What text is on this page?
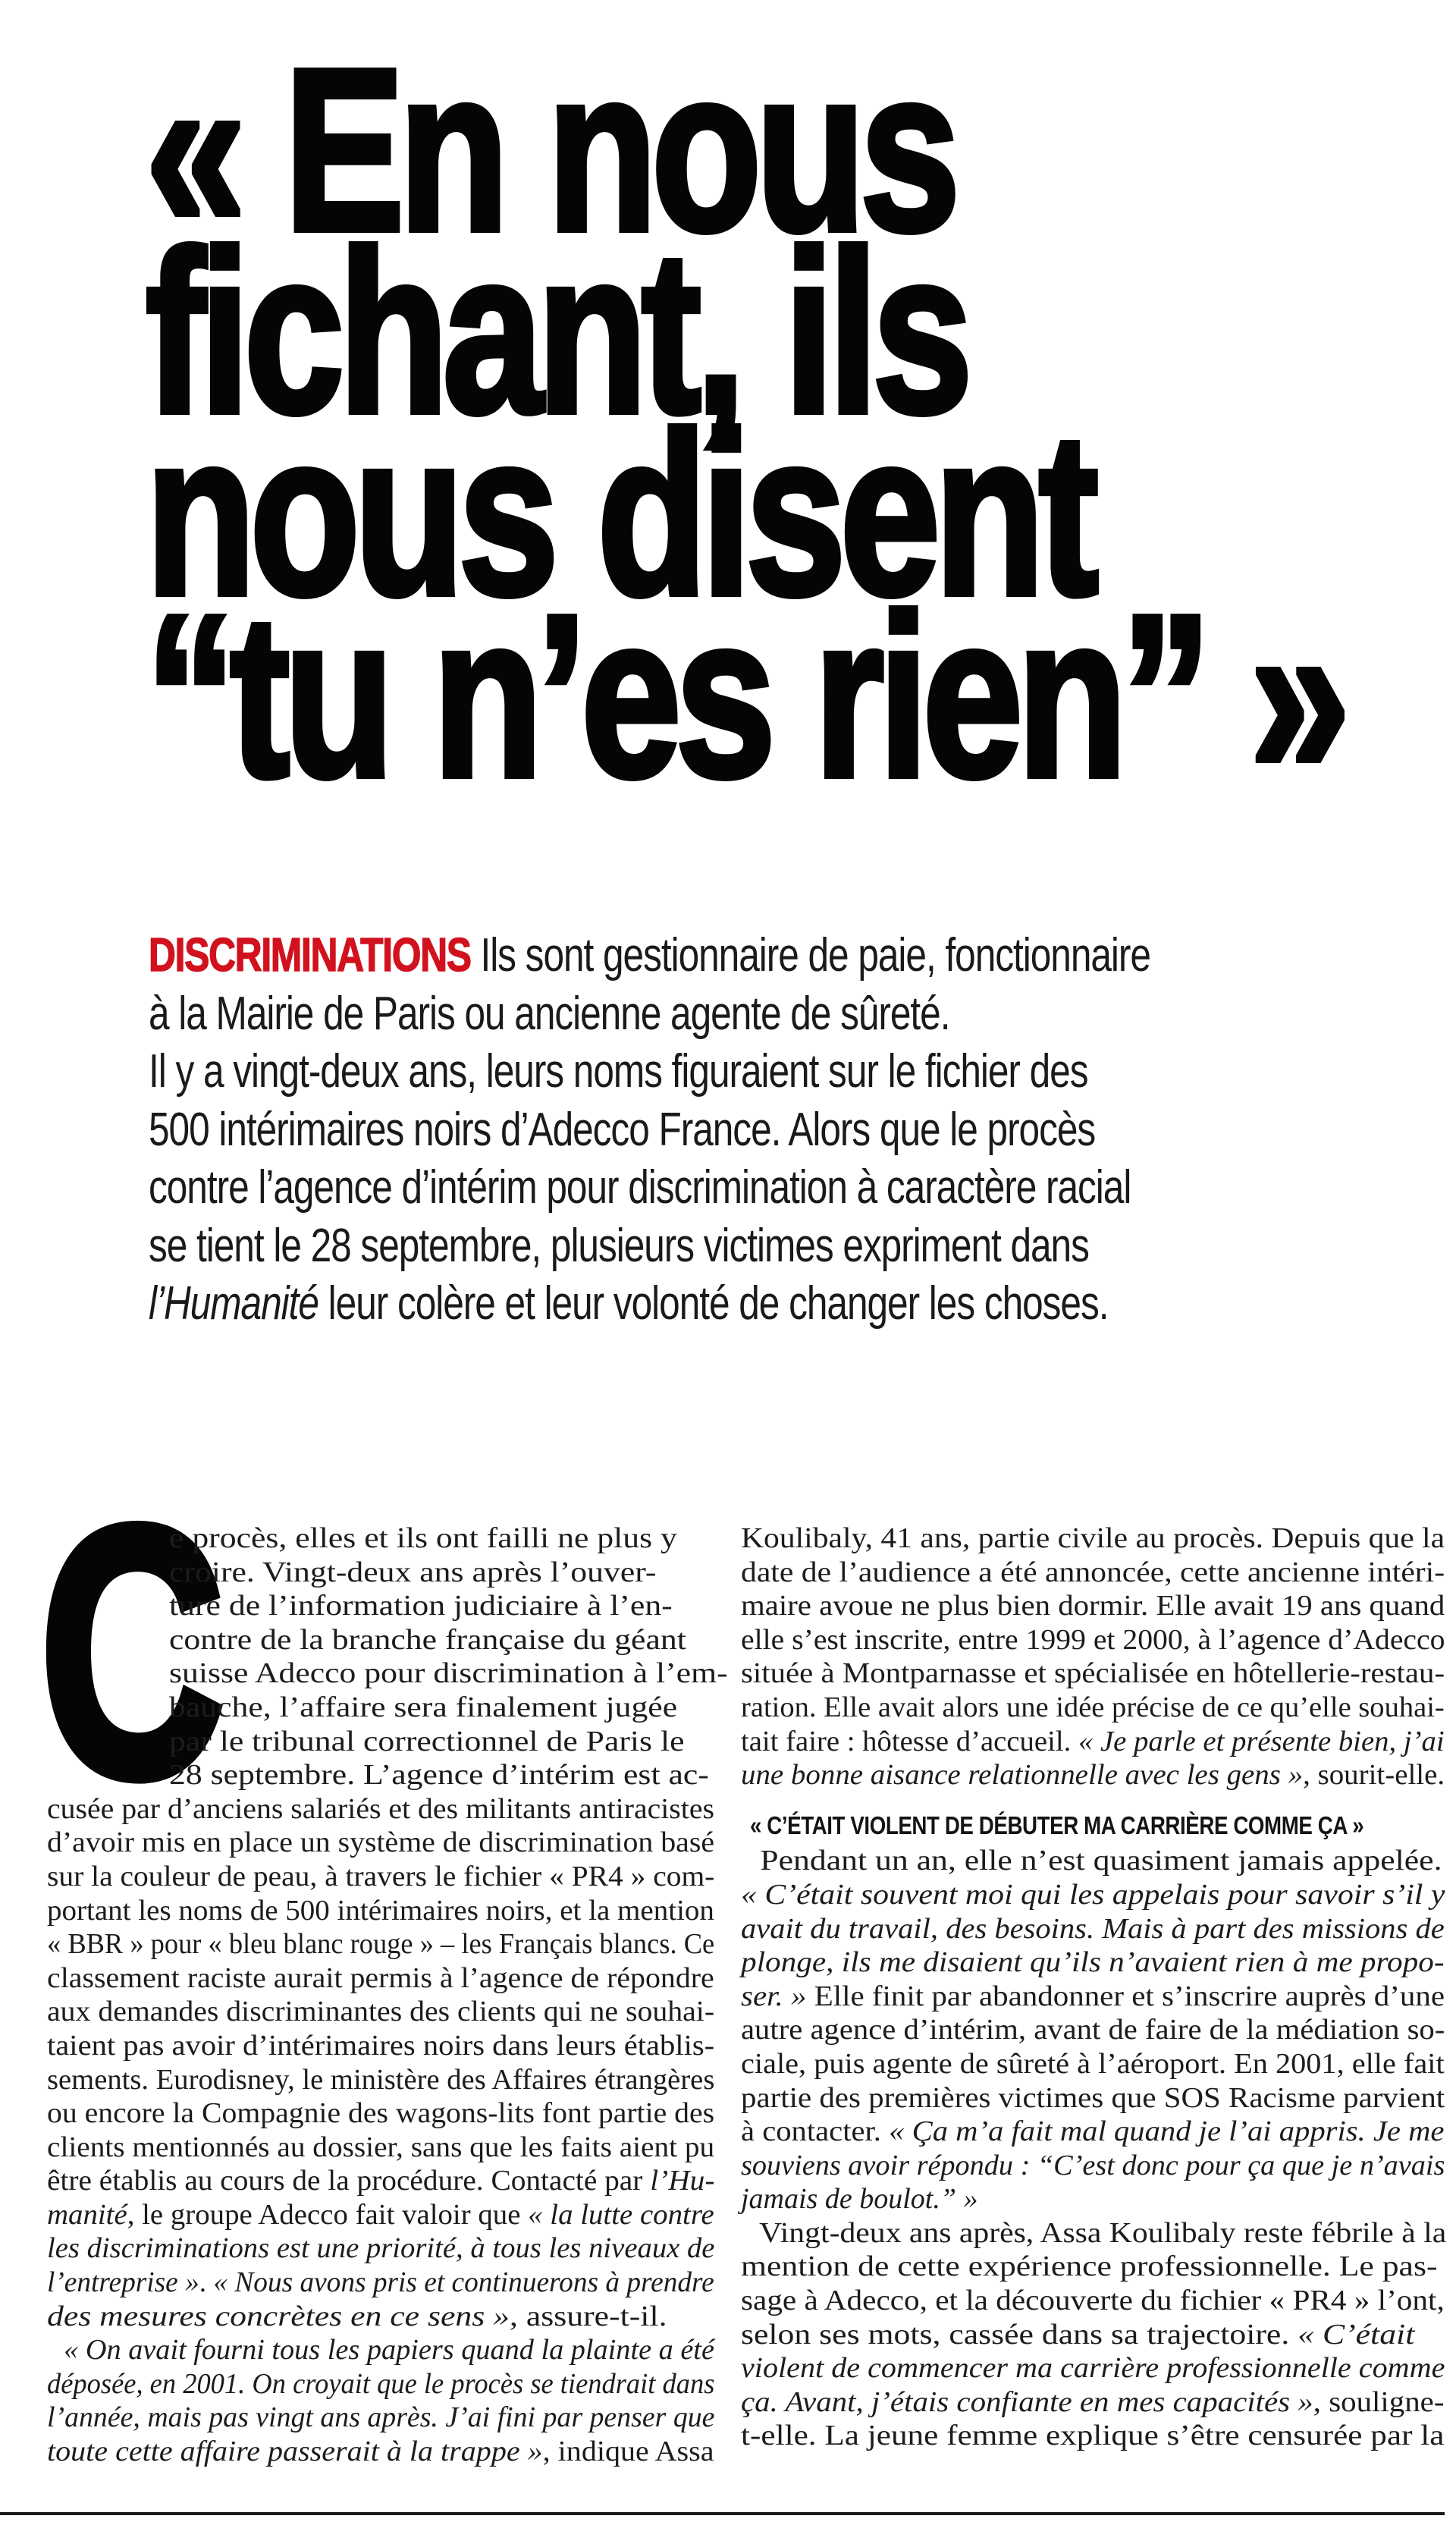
« En nous
fichant, ils
nous disent
“tu n’es rien” »
DISCRIMINATIONS Ils sont gestionnaire de paie, fonctionnaire
à la Mairie de Paris ou ancienne agente de sûreté.
Il y a vingt-deux ans, leurs noms figuraient sur le fichier des
500 intérimaires noirs d’Adecco France. Alors que le procès
contre l’agence d’intérim pour discrimination à caractère racial
se tient le 28 septembre, plusieurs victimes expriment dans
l’Humanité leur colère et leur volonté de changer les choses.
C
e procès, elles et ils ont failli ne plus y
croire. Vingt-deux ans après l’ouver-
ture de l’information judiciaire à l’en-
contre de la branche française du géant
suisse Adecco pour discrimination à l’em-
bauche, l’affaire sera finalement jugée
par le tribunal correctionnel de Paris le
28 septembre. L’agence d’intérim est ac-
cusée par d’anciens salariés et des militants antiracistes
d’avoir mis en place un système de discrimination basé
sur la couleur de peau, à travers le fichier « PR4 » com-
portant les noms de 500 intérimaires noirs, et la mention
« BBR » pour « bleu blanc rouge » – les Français blancs. Ce
classement raciste aurait permis à l’agence de répondre
aux demandes discriminantes des clients qui ne souhai-
taient pas avoir d’intérimaires noirs dans leurs établis-
sements. Eurodisney, le ministère des Affaires étrangères
ou encore la Compagnie des wagons-lits font partie des
clients mentionnés au dossier, sans que les faits aient pu
être établis au cours de la procédure. Contacté par l’Hu-
manité, le groupe Adecco fait valoir que « la lutte contre
les discriminations est une priorité, à tous les niveaux de
l’entreprise ». « Nous avons pris et continuerons à prendre
des mesures concrètes en ce sens », assure-t-il.
« On avait fourni tous les papiers quand la plainte a été
déposée, en 2001. On croyait que le procès se tiendrait dans
l’année, mais pas vingt ans après. J’ai fini par penser que
toute cette affaire passerait à la trappe », indique Assa
Koulibaly, 41 ans, partie civile au procès. Depuis que la
date de l’audience a été annoncée, cette ancienne intéri-
maire avoue ne plus bien dormir. Elle avait 19 ans quand
elle s’est inscrite, entre 1999 et 2000, à l’agence d’Adecco
située à Montparnasse et spécialisée en hôtellerie-restau-
ration. Elle avait alors une idée précise de ce qu’elle souhai-
tait faire : hôtesse d’accueil. « Je parle et présente bien, j’ai
une bonne aisance relationnelle avec les gens », sourit-elle.
« C’ÉTAIT VIOLENT DE DÉBUTER MA CARRIÈRE COMME ÇA »
Pendant un an, elle n’est quasiment jamais appelée.
« C’était souvent moi qui les appelais pour savoir s’il y
avait du travail, des besoins. Mais à part des missions de
plonge, ils me disaient qu’ils n’avaient rien à me propo-
ser. » Elle finit par abandonner et s’inscrire auprès d’une
autre agence d’intérim, avant de faire de la médiation so-
ciale, puis agente de sûreté à l’aéroport. En 2001, elle fait
partie des premières victimes que SOS Racisme parvient
à contacter. « Ça m’a fait mal quand je l’ai appris. Je me
souviens avoir répondu : “C’est donc pour ça que je n’avais
jamais de boulot.” »
Vingt-deux ans après, Assa Koulibaly reste fébrile à la
mention de cette expérience professionnelle. Le pas-
sage à Adecco, et la découverte du fichier « PR4 » l’ont,
selon ses mots, cassée dans sa trajectoire. « C’était
violent de commencer ma carrière professionnelle comme
ça. Avant, j’étais confiante en mes capacités », souligne-
t-elle. La jeune femme explique s’être censurée par la
